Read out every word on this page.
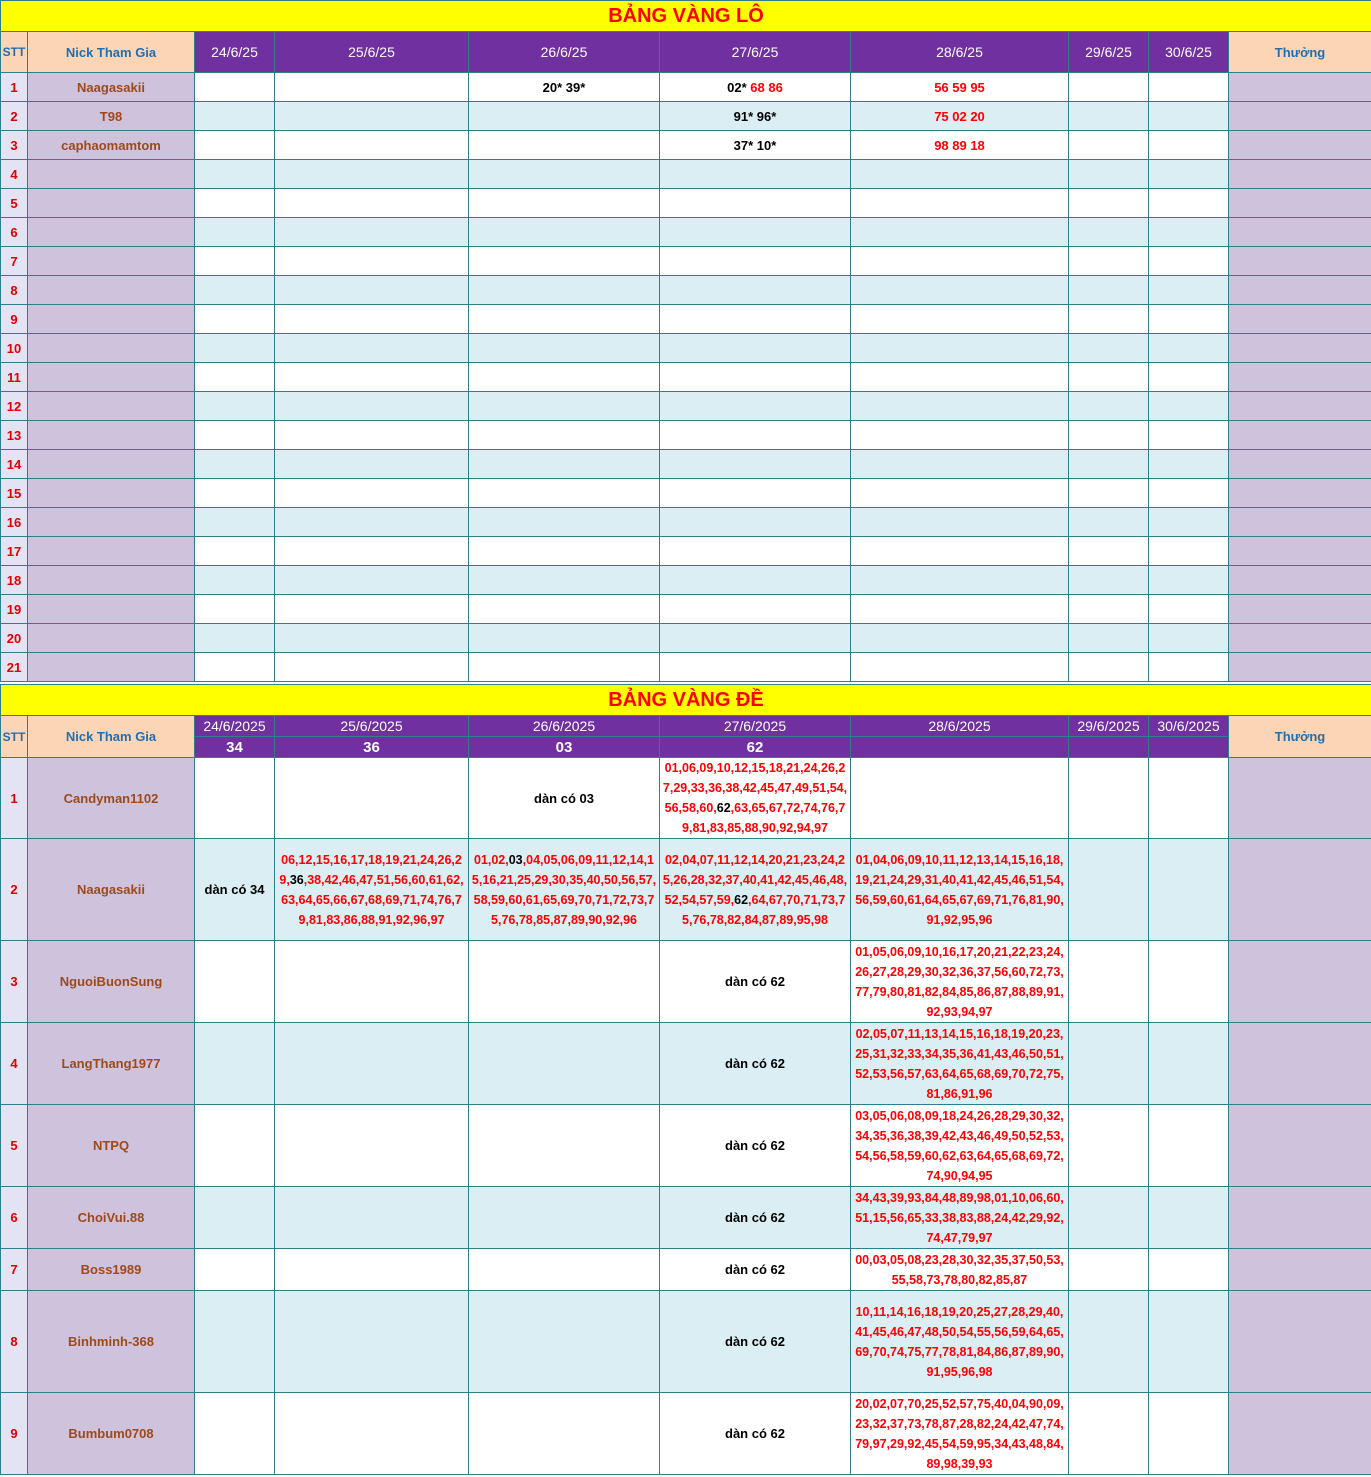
BẢNG VÀNG LÔ									
STT	Nick Tham Gia	24/6/25	25/6/25	26/6/25	27/6/25	28/6/25	29/6/25	30/6/25	Thưởng
1	Naagasakii			20* 39*	02* 68 86	56 59 95			
2	T98				91* 96*	75 02 20			
3	caphaomamtom				37* 10*	98 89 18			
4									
5									
6									
7									
8									
9									
10									
11									
12									
13									
14									
15									
16									
17									
18									
19									
20									
21									

BẢNG VÀNG ĐỀ									
STT	Nick Tham Gia	24/6/2025	25/6/2025	26/6/2025	27/6/2025	28/6/2025	29/6/2025	30/6/2025	Thưởng
		34	36	03	62				
1	Candyman1102			dàn có 03	01,06,09,10,12,15,18,21,24,26,27,29,33,36,38,42,45,47,49,51,54,56,58,60,62,63,65,67,72,74,76,79,81,83,85,88,90,92,94,97				

2	Naagasakii	dàn có 34	06,12,15,16,17,18,19,21,24,26,29,36,38,42,46,47,51,56,60,61,62,63,64,65,66,67,68,69,71,74,76,79,81,83,86,88,91,92,96,97	01,02,03,04,05,06,09,11,12,14,15,16,21,25,29,30,35,40,50,56,57,58,59,60,61,65,69,70,71,72,73,75,76,78,85,87,89,90,92,96	02,04,07,11,12,14,20,21,23,24,25,26,28,32,37,40,41,42,45,46,48,52,54,57,59,62,64,67,70,71,73,75,76,78,82,84,87,89,95,98	01,04,06,09,10,11,12,13,14,15,16,18,19,21,24,29,31,40,41,42,45,46,51,54,56,59,60,61,64,65,67,69,71,76,81,90,91,92,95,96			

3	NguoiBuonSung				dàn có 62	01,05,06,09,10,16,17,20,21,22,23,24,26,27,28,29,30,32,36,37,56,60,72,73,77,79,80,81,82,84,85,86,87,88,89,91,92,93,94,97			

4	LangThang1977				dàn có 62	02,05,07,11,13,14,15,16,18,19,20,23,25,31,32,33,34,35,36,41,43,46,50,51,52,53,56,57,63,64,65,68,69,70,72,75,81,86,91,96			

5	NTPQ				dàn có 62	03,05,06,08,09,18,24,26,28,29,30,32,34,35,36,38,39,42,43,46,49,50,52,53,54,56,58,59,60,62,63,64,65,68,69,72,74,90,94,95			

6	ChoiVui.88				dàn có 62	34,43,39,93,84,48,89,98,01,10,06,60,51,15,56,65,33,38,83,88,24,42,29,92,74,47,79,97			

7	Boss1989				dàn có 62	00,03,05,08,23,28,30,32,35,37,50,53,55,58,73,78,80,82,85,87			

8	Binhminh-368				dàn có 62	10,11,14,16,18,19,20,25,27,28,29,40,41,45,46,47,48,50,54,55,56,59,64,65,69,70,74,75,77,78,81,84,86,87,89,90,91,95,96,98			

9	Bumbum0708				dàn có 62	20,02,07,70,25,52,57,75,40,04,90,09,23,32,37,73,78,87,28,82,24,42,47,74,79,97,29,92,45,54,59,95,34,43,48,84,89,98,39,93			
